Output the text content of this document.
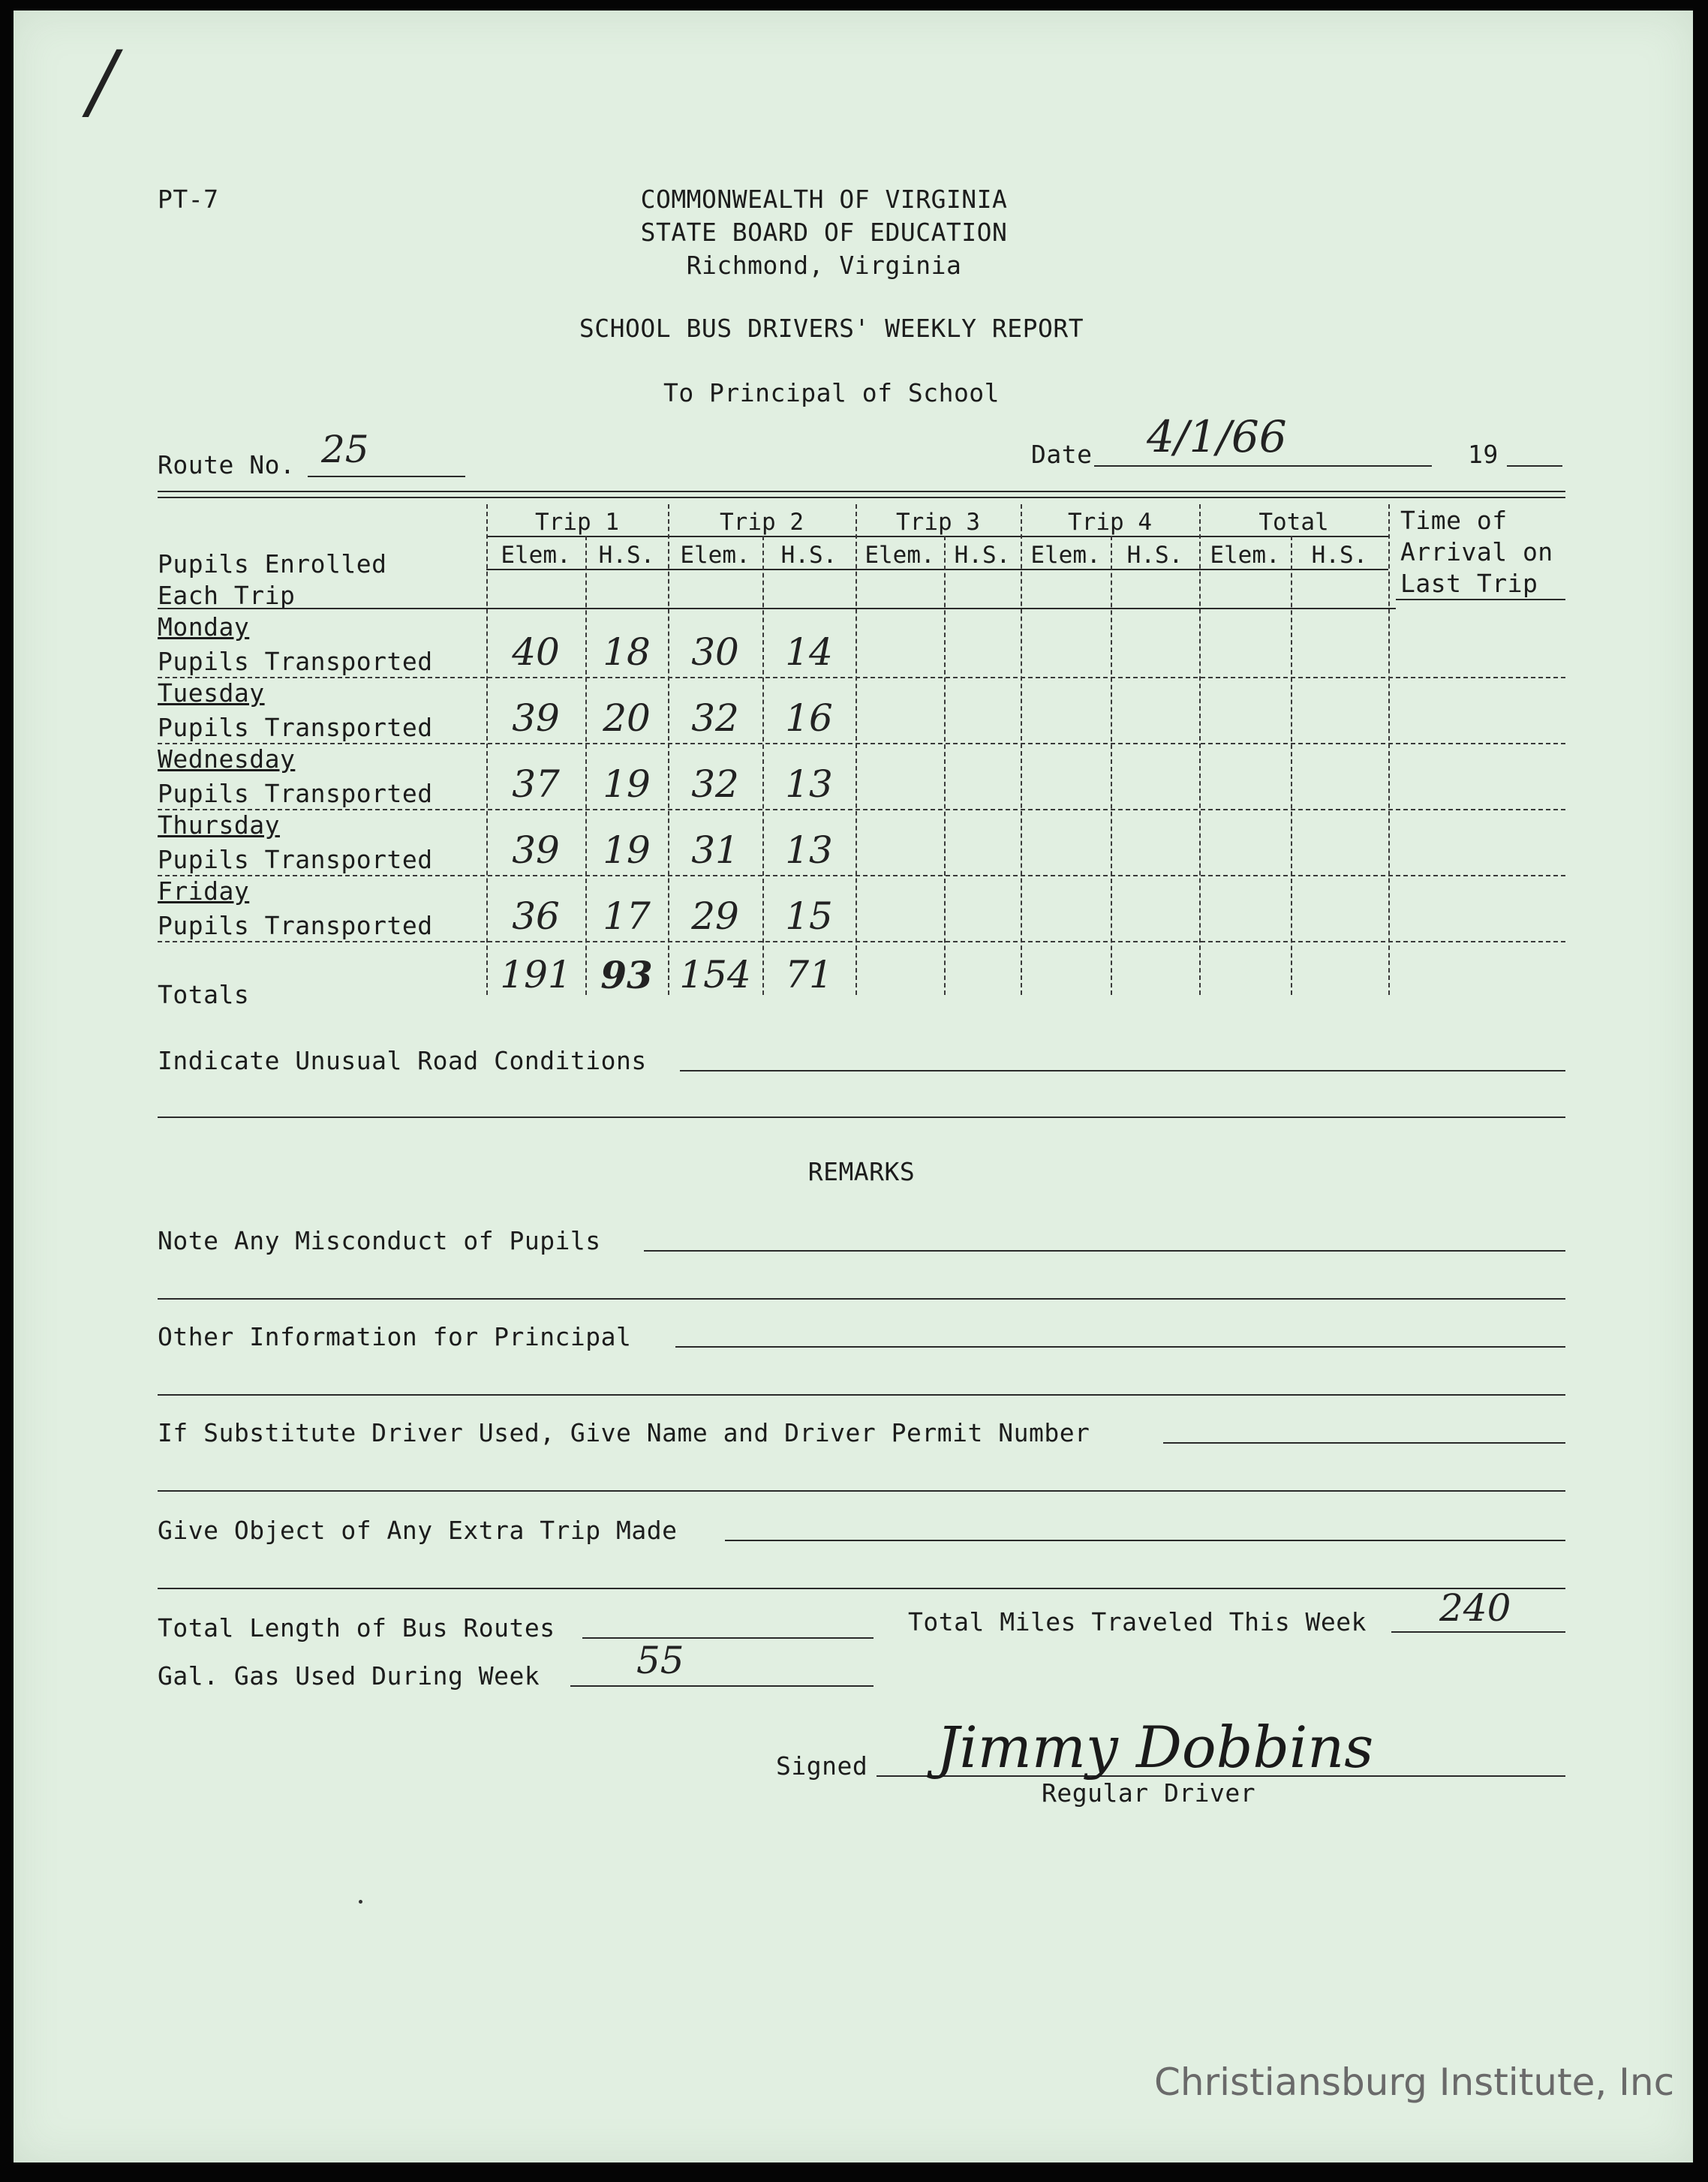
/
PT-7	COMMONWEALTH OF VIRGINIA
STATE BOARD OF EDUCATION
Richmond, Virginia
SCHOOL BUS DRIVERS' WEEKLY REPORT
To Principal of School
Route No. 25	Date 4/1/66	19
Trip 1	Trip 2	Trip 3	Trip 4	Total
Elem.	H.S.	Elem.	H.S.	Elem. H.S. Elem.	H.S.	Elem.	H.S.
Time of
Arrival on
Last Trip
Pupils Enrolled
Each Trip
Monday
Pupils Transported	40	18	30	14
Tuesday
Pupils Transported	39	20	32	16
Wednesday
Pupils Transported	37	19	32	13
Thursday
Pupils Transported	39	19	31	13
Friday
Pupils Transported	36	17	29	15
Totals	191 93 154 71
Indicate Unusual Road Conditions
REMARKS
Note Any Misconduct of Pupils
Other Information for Principal
If Substitute Driver Used, Give Name and Driver Permit Number
Give Object of Any Extra Trip Made
Total Length of Bus Routes	Total Miles Traveled This Week 240
Gal. Gas Used During Week	55
Signed Jimmy Dobbins
Regular Driver
Christiansburg Institute, Inc
